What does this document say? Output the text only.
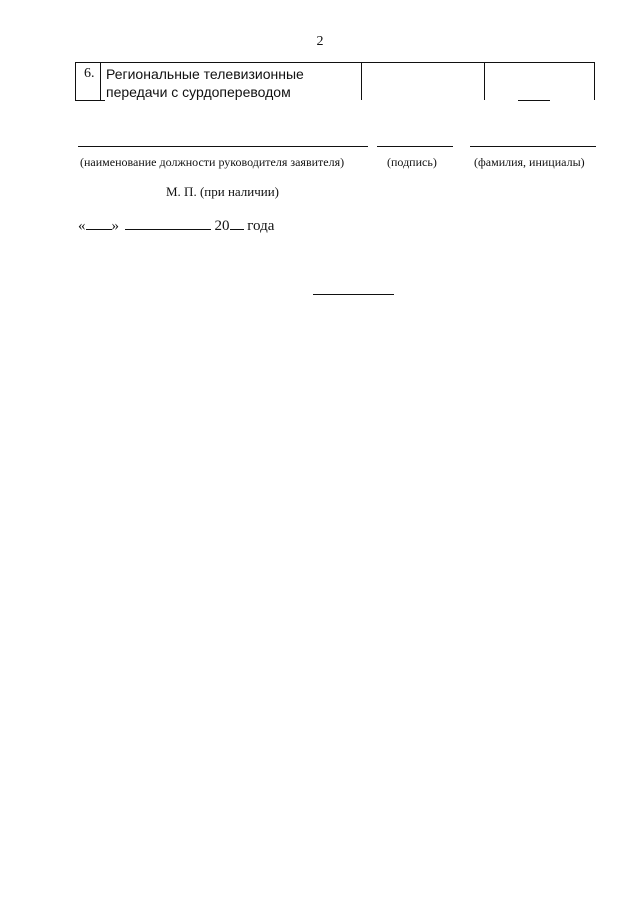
2
6. Региональные телевизионные
передачи с сурдопереводом
(наименование должности руководителя заявителя)	(подпись)	(фамилия, инициалы)
М. П. (при наличии)
« »	20 года
